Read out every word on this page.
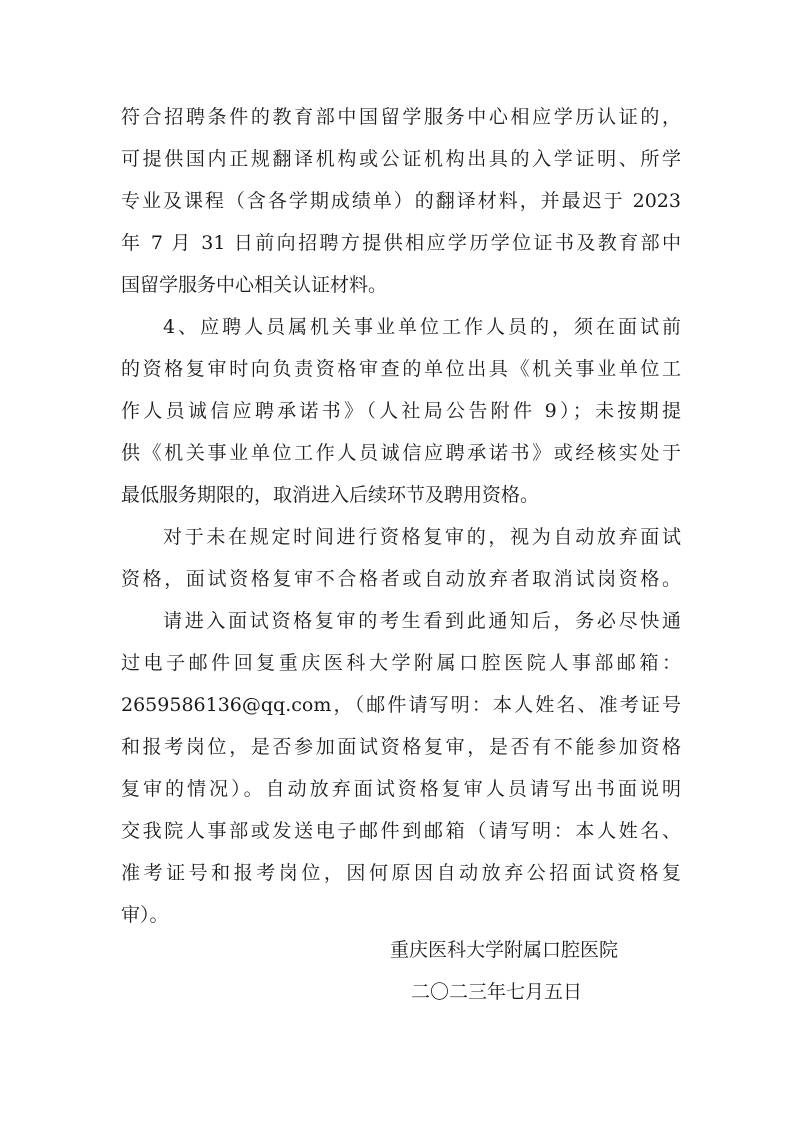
符合招聘条件的教育部中国留学服务中心相应学历认证的，
可提供国内正规翻译机构或公证机构出具的入学证明、所学
专业及课程（含各学期成绩单）的翻译材料，并最迟于 2023
年 7 月 31 日前向招聘方提供相应学历学位证书及教育部中
国留学服务中心相关认证材料。
4、应聘人员属机关事业单位工作人员的，须在面试前
的资格复审时向负责资格审查的单位出具《机关事业单位工
作人员诚信应聘承诺书》（人社局公告附件 9）；未按期提
供《机关事业单位工作人员诚信应聘承诺书》或经核实处于
最低服务期限的，取消进入后续环节及聘用资格。
对于未在规定时间进行资格复审的，视为自动放弃面试
资格，面试资格复审不合格者或自动放弃者取消试岗资格。
请进入面试资格复审的考生看到此通知后，务必尽快通
过电子邮件回复重庆医科大学附属口腔医院人事部邮箱：
2659586136@qq.com，（邮件请写明：本人姓名、准考证号
和报考岗位，是否参加面试资格复审，是否有不能参加资格
复审的情况）。自动放弃面试资格复审人员请写出书面说明
交我院人事部或发送电子邮件到邮箱（请写明：本人姓名、
准考证号和报考岗位，因何原因自动放弃公招面试资格复
审）。
重庆医科大学附属口腔医院
二〇二三年七月五日
